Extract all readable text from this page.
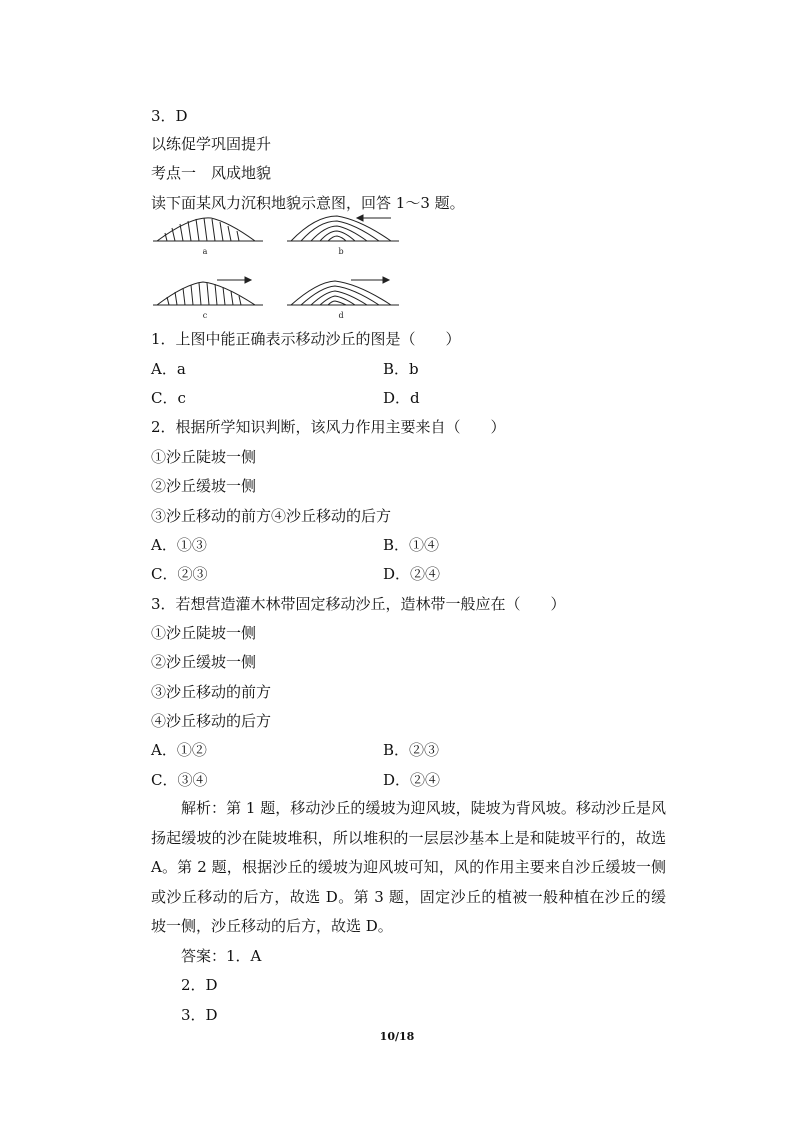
3．D
以练促学巩固提升
考点一　风成地貌
读下面某风力沉积地貌示意图，回答 1～3 题。
a	b
c	d
1．上图中能正确表示移动沙丘的图是（　　）
A．a	B．b
C．c	D．d
2．根据所学知识判断，该风力作用主要来自（　　）
①沙丘陡坡一侧
②沙丘缓坡一侧
③沙丘移动的前方④沙丘移动的后方
A．①③	B．①④
C．②③	D．②④
3．若想营造灌木林带固定移动沙丘，造林带一般应在（　　）
①沙丘陡坡一侧
②沙丘缓坡一侧
③沙丘移动的前方
④沙丘移动的后方
A．①②	B．②③
C．③④	D．②④
解析：第 1 题，移动沙丘的缓坡为迎风坡，陡坡为背风坡。移动沙丘是风扬起缓坡的沙在陡坡堆积，所以堆积的一层层沙基本上是和陡坡平行的，故选 A。第 2 题，根据沙丘的缓坡为迎风坡可知，风的作用主要来自沙丘缓坡一侧或沙丘移动的后方，故选 D。第 3 题，固定沙丘的植被一般种植在沙丘的缓坡一侧，沙丘移动的后方，故选 D。
答案：1．A
2．D
3．D
10/18
